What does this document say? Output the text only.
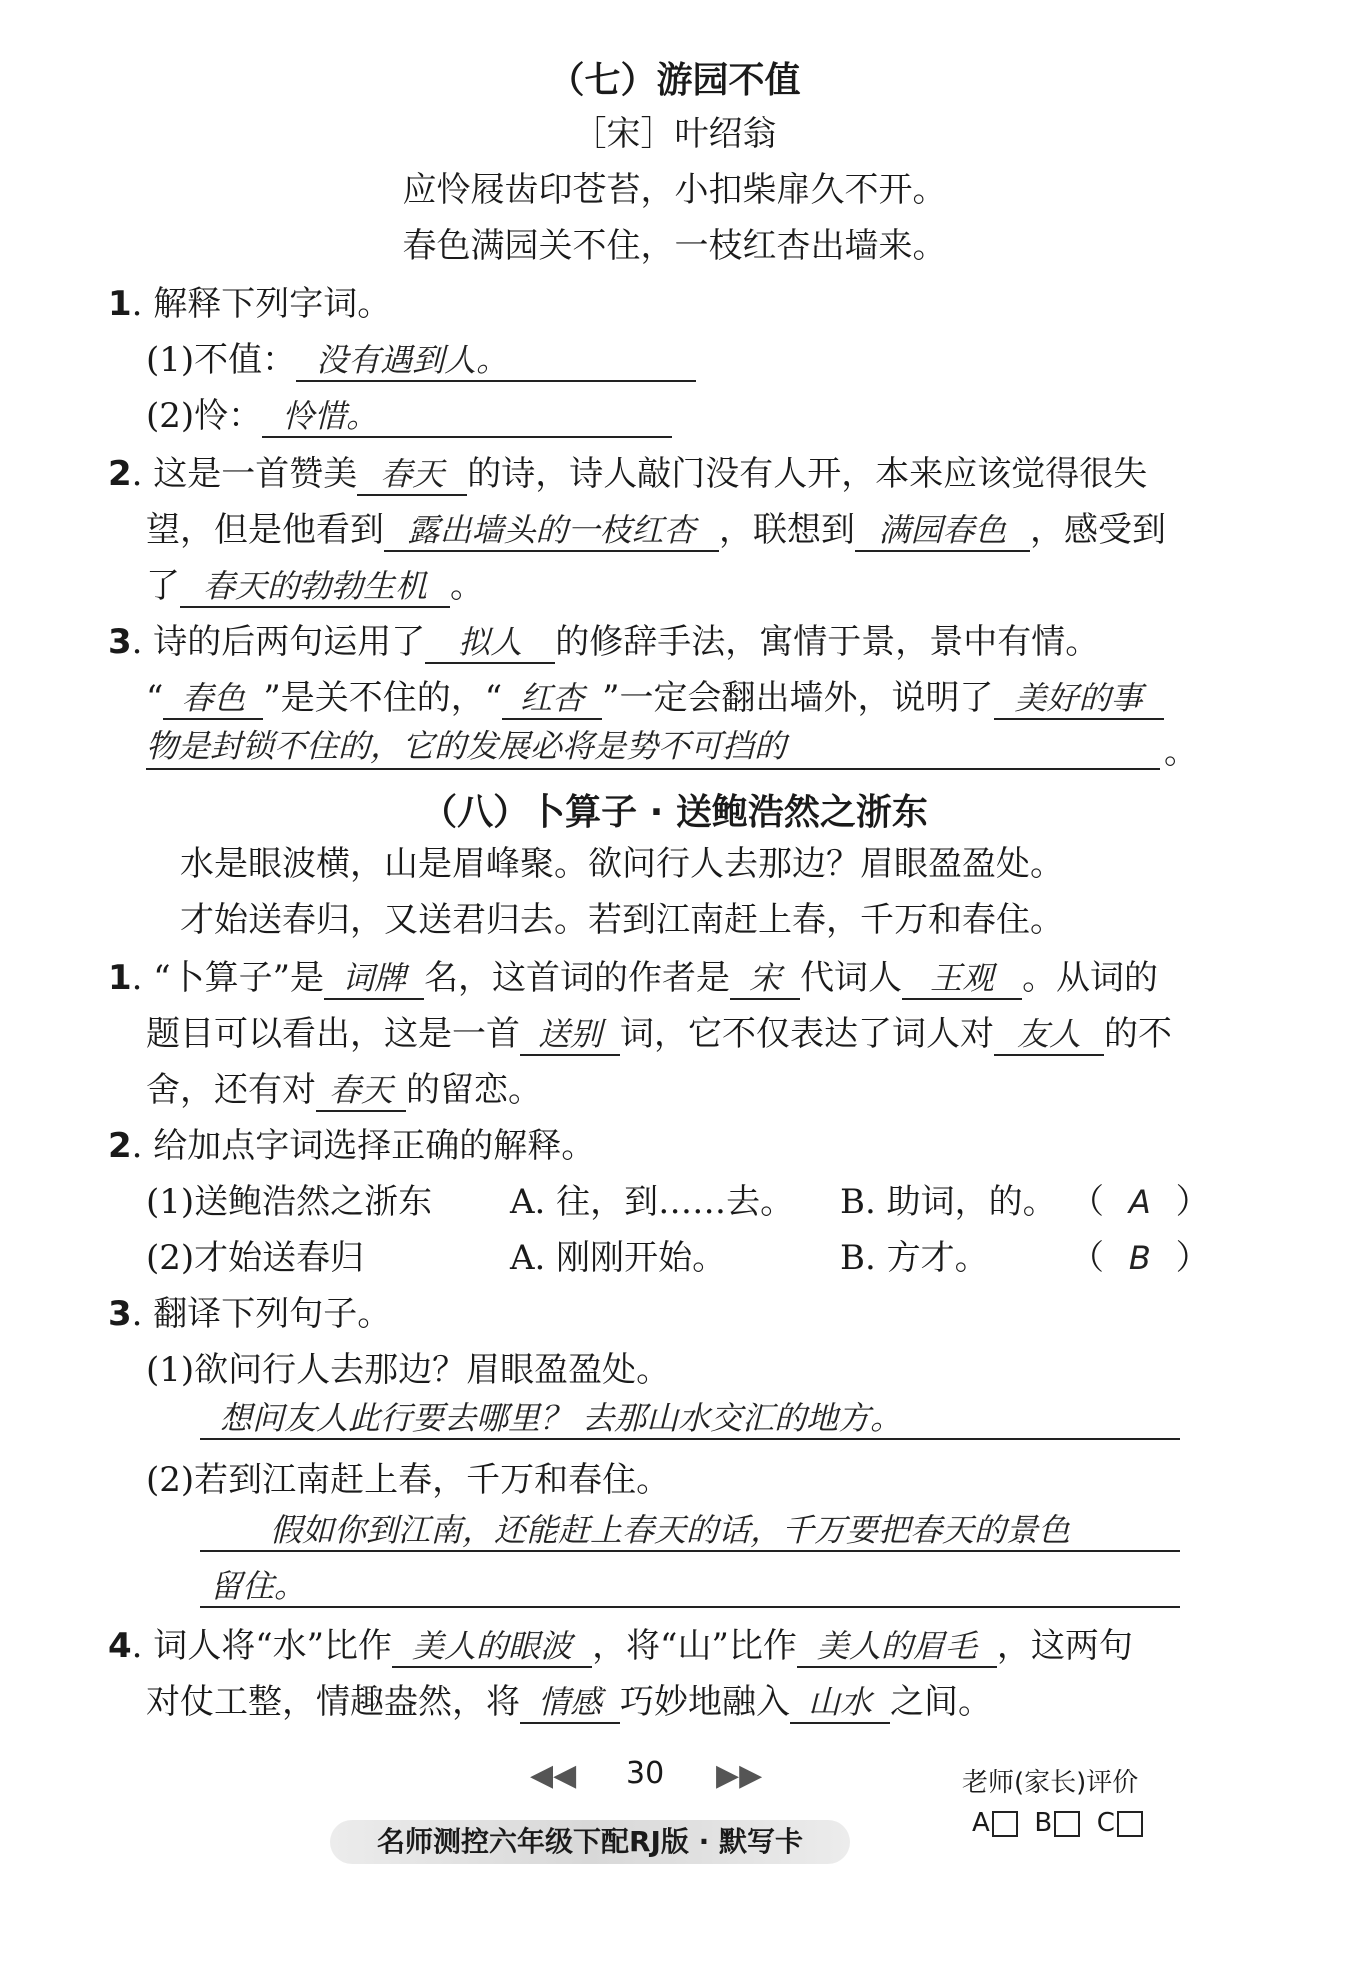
（七）游园不值
［宋］叶绍翁
应怜屐齿印苍苔，小扣柴扉久不开。
春色满园关不住，一枝红杏出墙来。
1. 解释下列字词。
(1)不值： 没有遇到人。
(2)怜： 怜惜。
2. 这是一首赞美 春天 的诗，诗人敲门没有人开，本来应该觉得很失
望，但是他看到 露出墙头的一枝红杏 ，联想到 满园春色 ，感受到
了 春天的勃勃生机 。
3. 诗的后两句运用了 拟人 的修辞手法，寓情于景，景中有情。
“ 春色 ”是关不住的，“ 红杏 ”一定会翻出墙外，说明了 美好的事
物是封锁不住的，它的发展必将是势不可挡的	。
（八）卜算子 · 送鲍浩然之浙东
水是眼波横，山是眉峰聚。欲问行人去那边？眉眼盈盈处。
才始送春归，又送君归去。若到江南赶上春，千万和春住。
1. “卜算子”是 词牌 名，这首词的作者是 宋 代词人 王观 。从词的
题目可以看出，这是一首 送别 词，它不仅表达了词人对 友人 的不
舍，还有对 春天 的留恋。
2. 给加点字词选择正确的解释。
(1)送鲍浩然之浙东 A. 往，到……去。 B. 助词，的。 （ A ）
(2)才始送春归	A. 刚刚开始。	B. 方才。 （ B ）
3. 翻译下列句子。
(1)欲问行人去那边？眉眼盈盈处。
想问友人此行要去哪里？ 去那山水交汇的地方。
(2)若到江南赶上春，千万和春住。
假如你到江南，还能赶上春天的话，千万要把春天的景色
留住。
4. 词人将“水”比作 美人的眼波 ，将“山”比作 美人的眉毛 ，这两句
对仗工整，情趣盎然，将 情感 巧妙地融入 山水 之间。
◀◀ 30 ▶▶	老师(家长)评价
A B C
名师测控六年级下配RJ版 · 默写卡
